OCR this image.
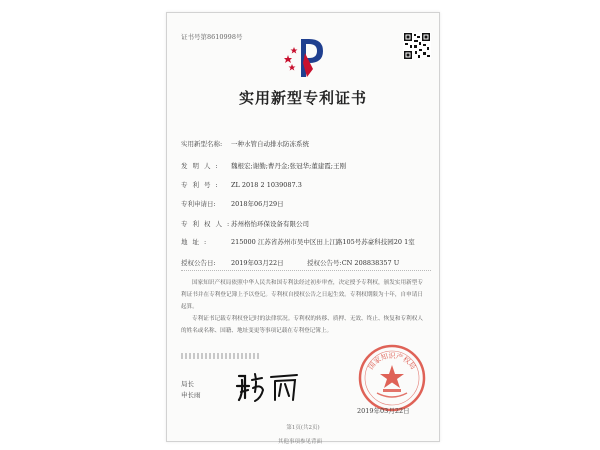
证书号第8610998号
实用新型专利证书
实用新型名称: 一种水管自动排水防冻系统
发明人: 魏根宏;谢勤;曹丹金;张冠华;董建霞;王刚
专利号: ZL 2018 2 1039087.3
专利申请日: 2018年06月29日
专利权人:苏州格怡环保设备有限公司
地址:	215000 江苏省苏州市吴中区田上江路105号苏豪科技园20 1室
授权公告日: 2019年03月22日	授权公告号:CN 208838357 U
国家知识产权局依照中华人民共和国专利法经过初步审查，决定授予专利权，颁发实用新型专利证书并在专利登记簿上予以登记。专利权自授权公告之日起生效。专利权期限为十年，自申请日起算。
专利证书记载专利权登记时的法律状况。专利权的转移、质押、无效、终止、恢复和专利权人的姓名或名称、国籍、地址变更等事项记载在专利登记簿上。
局长
申长雨
国家知识产权局
2019年03月22日
第1页(共2页)
其他事项参见背面
